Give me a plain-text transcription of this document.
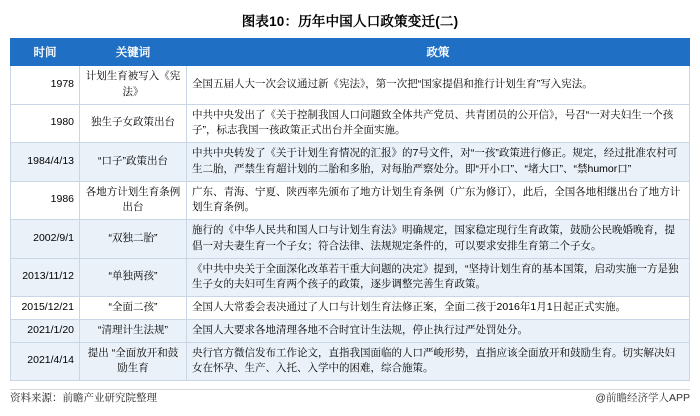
图表10：历年中国人口政策变迁(二)
时间	关键词	政策
1978	计划生育被写入《宪法》	全国五届人大一次会议通过新《宪法》，第一次把“国家提倡和推行计划生育”写入宪法。
1980	独生子女政策出台	中共中央发出了《关于控制我国人口问题致全体共产党员、共青团员的公开信》，号召“一对夫妇生一个孩子”，标志我国一孩政策正式出台并全面实施。
1984/4/13	“口子”政策出台	中共中央转发了《关于计划生育情况的汇报》的7号文件，对“一孩”政策进行修正。规定，经过批准农村可生二胎，严禁生育超计划的二胎和多胎，对每胎严察处分。即“开小口”、“堵大口”、“禁humor口”
1986	各地方计划生育条例出台	广东、青海、宁夏、陕西率先颁布了地方计划生育条例（广东为修订），此后，全国各地相继出台了地方计划生育条例。
2002/9/1	“双独二胎”	施行的《中华人民共和国人口与计划生育法》明确规定，国家稳定现行生育政策，鼓励公民晚婚晚育，提倡一对夫妻生育一个子女；符合法律、法规规定条件的，可以要求安排生育第二个子女。
2013/11/12	“单独两孩”	《中共中央关于全面深化改革若干重大问题的决定》提到，“坚持计划生育的基本国策，启动实施一方是独生子女的夫妇可生育两个孩子的政策，逐步调整完善生育政策。
2015/12/21	“全面二孩”	全国人大常委会表决通过了人口与计划生育法修正案，全面二孩于2016年1月1日起正式实施。
2021/1/20	“清理计生法规”	全国人大要求各地清理各地不合时宜计生法规，停止执行过严处罚处分。
2021/4/14	提出 “全面放开和鼓励生育	央行官方微信发布工作论文，直指我国面临的人口严峻形势，直指应该全面放开和鼓励生育。切实解决妇女在怀孕、生产、入托、入学中的困难，综合施策。
资料来源：前瞻产业研究院整理	@前瞻经济学人APP
